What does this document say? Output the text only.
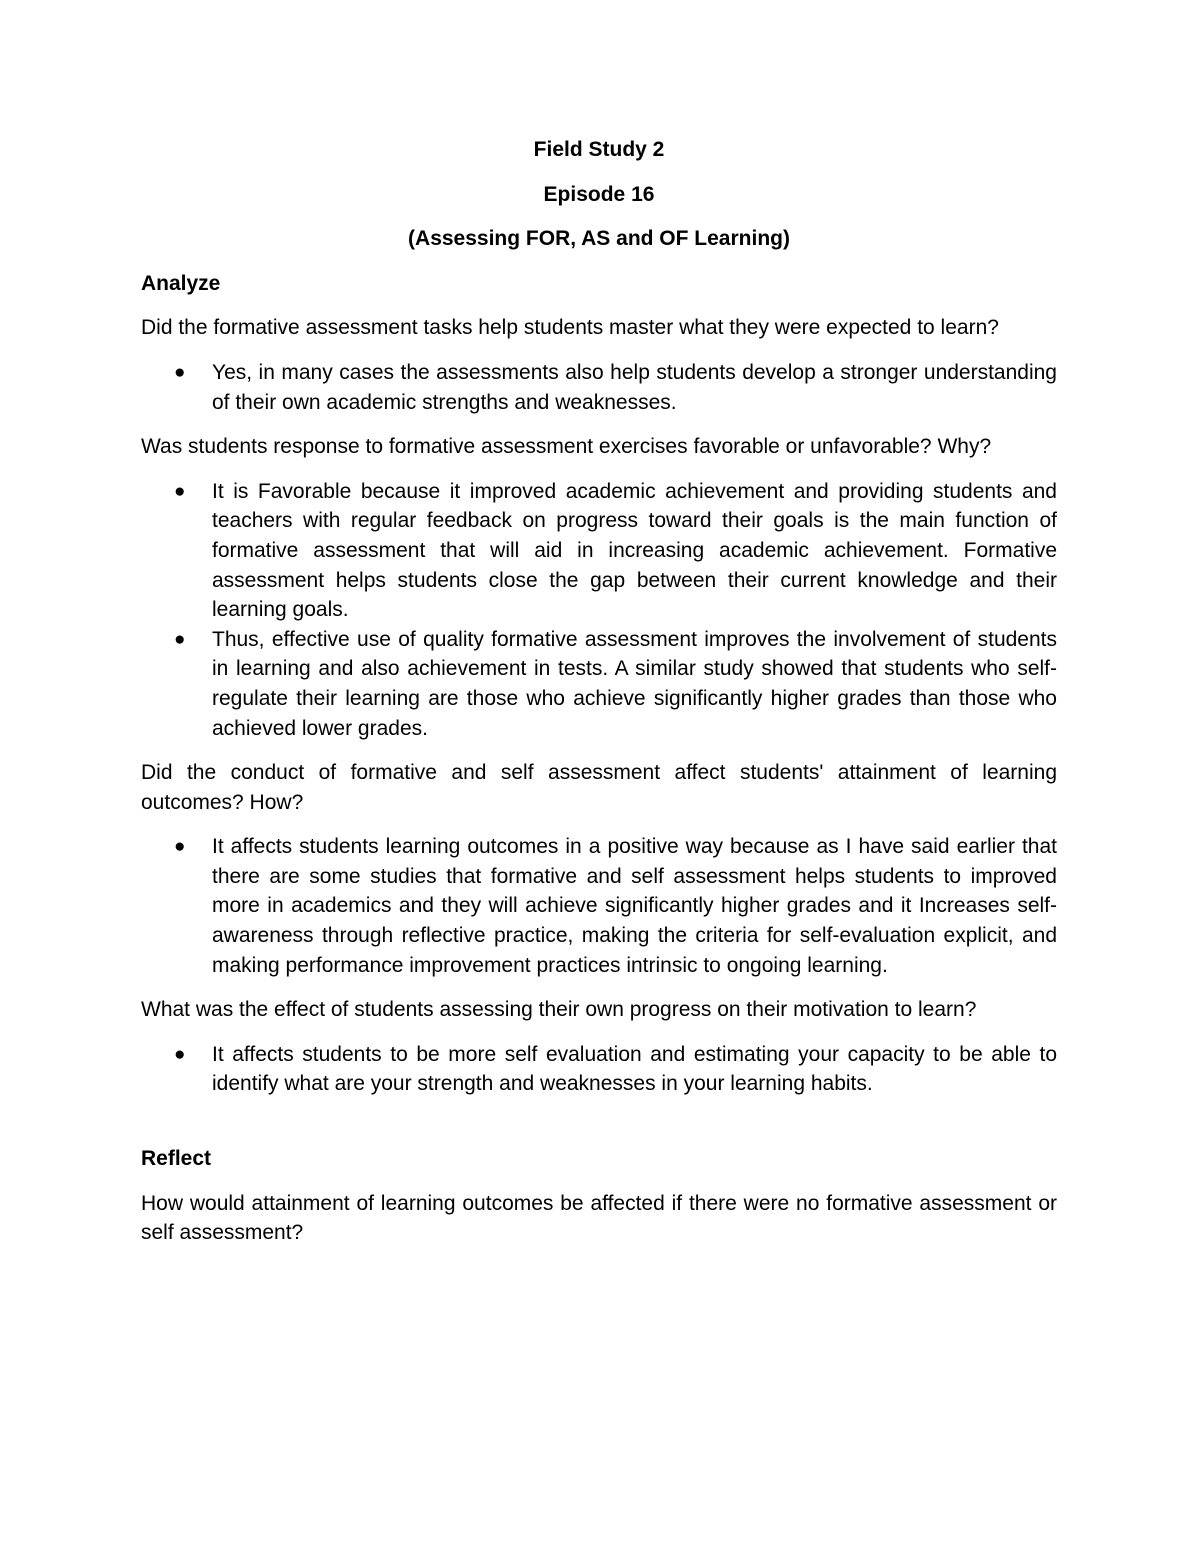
Field Study 2

Episode 16

(Assessing FOR, AS and OF Learning)

Analyze

Did the formative assessment tasks help students master what they were expected to learn?

● Yes, in many cases the assessments also help students develop a stronger understanding of their own academic strengths and weaknesses.

Was students response to formative assessment exercises favorable or unfavorable? Why?

● It is Favorable because it improved academic achievement and providing students and teachers with regular feedback on progress toward their goals is the main function of formative assessment that will aid in increasing academic achievement. Formative assessment helps students close the gap between their current knowledge and their learning goals.
● Thus, effective use of quality formative assessment improves the involvement of students in learning and also achievement in tests. A similar study showed that students who self-regulate their learning are those who achieve significantly higher grades than those who achieved lower grades.

Did the conduct of formative and self assessment affect students' attainment of learning outcomes? How?

● It affects students learning outcomes in a positive way because as I have said earlier that there are some studies that formative and self assessment helps students to improved more in academics and they will achieve significantly higher grades and it Increases self-awareness through reflective practice, making the criteria for self-evaluation explicit, and making performance improvement practices intrinsic to ongoing learning.

What was the effect of students assessing their own progress on their motivation to learn?

● It affects students to be more self evaluation and estimating your capacity to be able to identify what are your strength and weaknesses in your learning habits.

Reflect

How would attainment of learning outcomes be affected if there were no formative assessment or self assessment?
